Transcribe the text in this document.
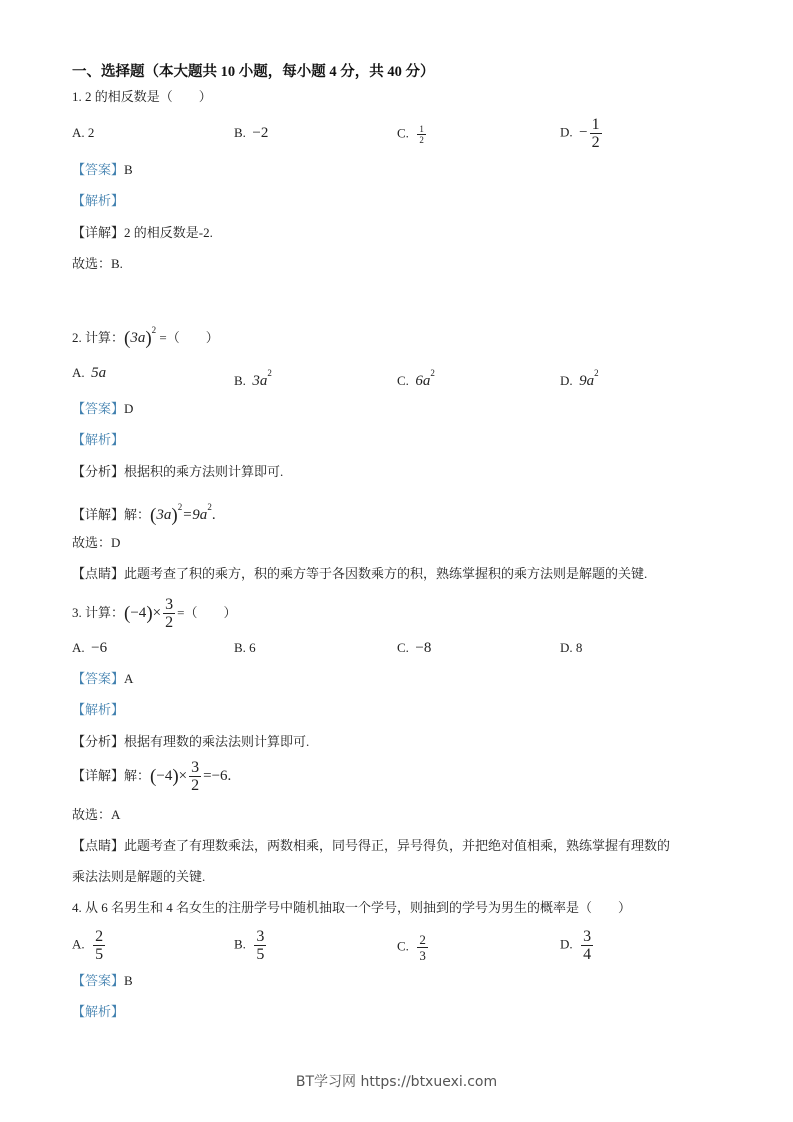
一、选择题（本大题共 10 小题，每小题 4 分，共 40 分）
1. 2 的相反数是（　　）
A. 2	B. −2	C. $\frac{1}{2}$	D. − $\frac{1}{2}$
【答案】B
【解析】
【详解】2 的相反数是-2.
故选：B.
2. 计算：$(3a)^2$ =（　　）
A. 5a	B. $3a^2$	C. $6a^2$	D. $9a^2$
【答案】D
【解析】
【分析】根据积的乘方法则计算即可.
【详解】解：$(3a)^2=9a^2$.
故选：D
【点睛】此题考查了积的乘方，积的乘方等于各因数乘方的积，熟练掌握积的乘方法则是解题的关键.
3. 计算：$(-4)\times \frac{3}{2}$ =（　　）
A. −6	B. 6	C. −8	D. 8
【答案】A
【解析】
【分析】根据有理数的乘法法则计算即可.
【详解】解：$(-4)\times \frac{3}{2} =-6$.
故选：A
【点睛】此题考查了有理数乘法，两数相乘，同号得正，异号得负，并把绝对值相乘，熟练掌握有理数的
乘法法则是解题的关键.
4. 从 6 名男生和 4 名女生的注册学号中随机抽取一个学号，则抽到的学号为男生的概率是（　　）
A. $\frac{2}{5}$	B. $\frac{3}{5}$	C. $\frac{2}{3}$	D. $\frac{3}{4}$
【答案】B
【解析】
BT学习网 https://btxuexi.com
